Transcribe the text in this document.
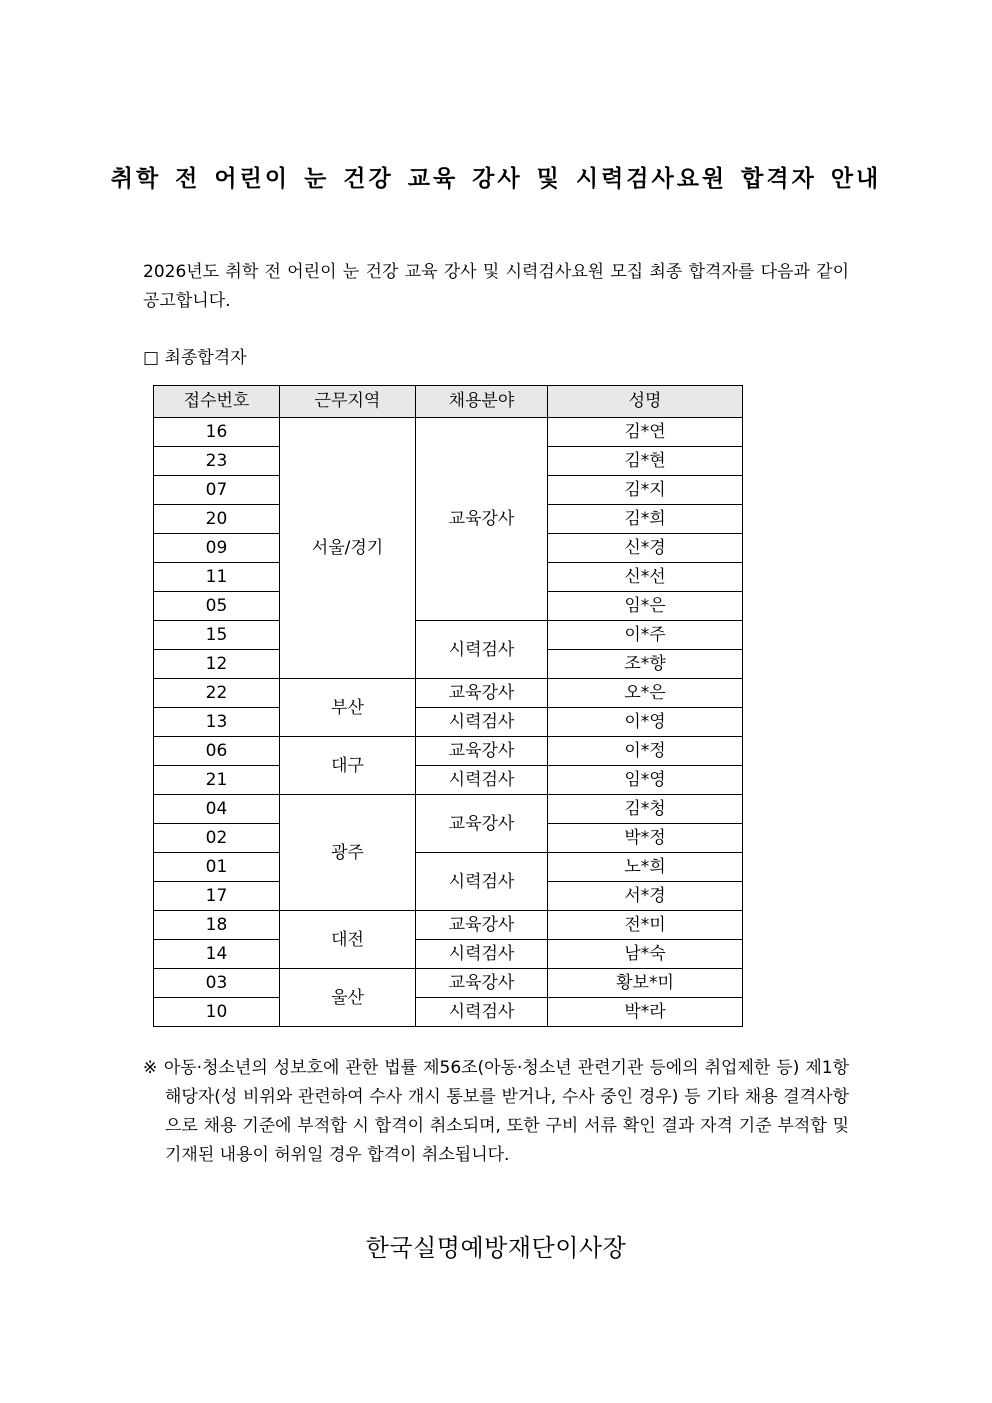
취학 전 어린이 눈 건강 교육 강사 및 시력검사요원 합격자 안내
2026년도 취학 전 어린이 눈 건강 교육 강사 및 시력검사요원 모집 최종 합격자를 다음과 같이 공고합니다.
□ 최종합격자
접수번호	근무지역	채용분야	성명
16	서울/경기	교육강사	김*연
23			김*현
07			김*지
20			김*희
09			신*경
11			신*선
05			임*은
15		시력검사	이*주
12			조*향
22	부산	교육강사	오*은
13		시력검사	이*영
06	대구	교육강사	이*정
21		시력검사	임*영
04	광주	교육강사	김*청
02			박*정
01		시력검사	노*희
17			서*경
18	대전	교육강사	전*미
14		시력검사	남*숙
03	울산	교육강사	황보*미
10		시력검사	박*라
※ 아동·청소년의 성보호에 관한 법률 제56조(아동·청소년 관련기관 등에의 취업제한 등) 제1항 해당자(성 비위와 관련하여 수사 개시 통보를 받거나, 수사 중인 경우) 등 기타 채용 결격사항으로 채용 기준에 부적합 시 합격이 취소되며, 또한 구비 서류 확인 결과 자격 기준 부적합 및 기재된 내용이 허위일 경우 합격이 취소됩니다.
한국실명예방재단이사장
